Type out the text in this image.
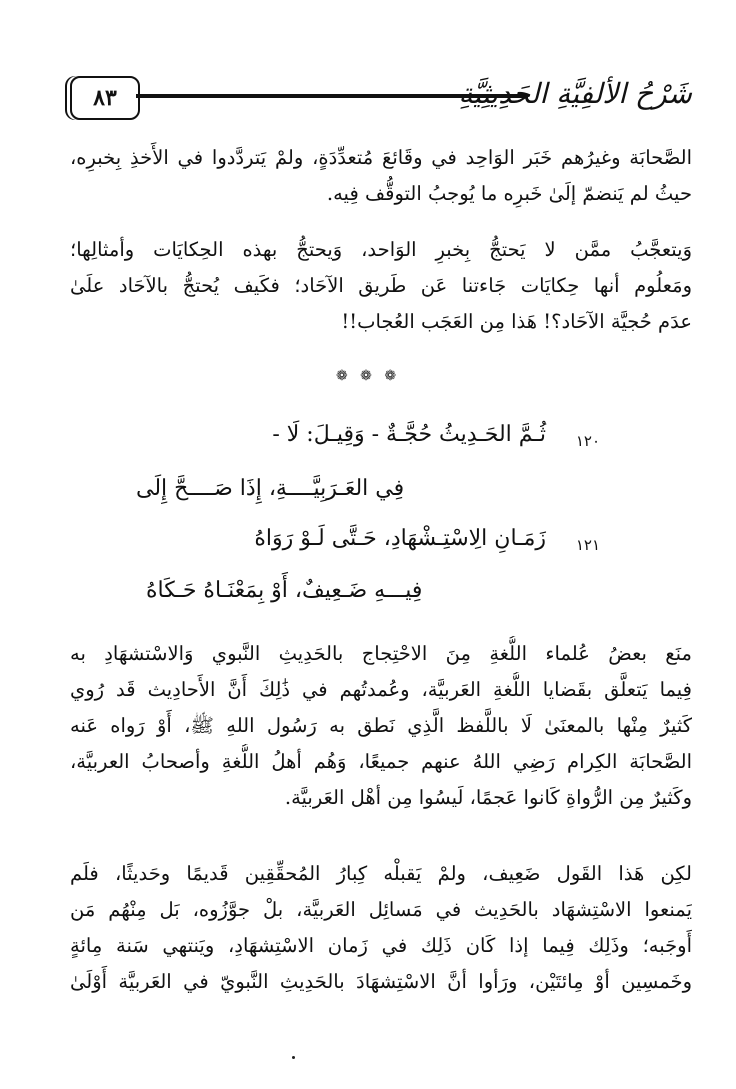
٨٣	شَرْحُ الألفِيَّةِ الحَدِيثِيَّةِ

الصَّحابَة وغيرُهم خَبَر الوَاحِد في وقَائعَ مُتعدِّدَةٍ، ولمْ يَتردَّدوا في الأَخذِ بِخبرِه،
حيثُ لم يَنضمّ إلَىٰ خَبرِه ما يُوجبُ التوقُّف فِيه.

وَيتعجَّبُ ممَّن لا يَحتجُّ بِخبرِ الوَاحد، وَيحتجُّ بهذه الحِكايَات وأمثالِها؛
ومَعلُوم أنها حِكايَات جَاءتنا عَن طَريق الآحَاد؛ فكَيف يُحتجُّ بالآحَاد علَىٰ
عدَم حُجيَّة الآحَاد؟! هَذا مِن العَجَب العُجاب!!

❁ ❁ ❁
١٢٠
ثُـمَّ الحَـدِيثُ حُجَّـةٌ - وَقِيـلَ: لَا -
فِي العَـرَبِيَّــــةِ، إِذَا صَــــحَّ إِلَى
١٢١
زَمَـانِ الِاسْتِـشْهَادِ، حَـتَّى لَـوْ رَوَاهُ
فِيـــهِ ضَـعِيفٌ، أَوْ بِمَعْنَـاهُ حَـكَاهُ

منَع بعضُ عُلماء اللُّغةِ مِنَ الاحْتِجاج بالحَدِيثِ النَّبوي وَالاسْتشهَادِ به
فِيما يَتعلَّق بقَضايا اللُّغةِ العَربيَّة، وعُمدتُهم في ذَٰلِكَ أَنَّ الأَحادِيث قَد رُوي
كَثيرٌ مِنْها بالمعنَىٰ لَا باللَّفظ الَّذِي نَطق به رَسُول اللهِ ﷺ، أَوْ رَواه عَنه
الصَّحابَة الكِرام رَضِي اللهُ عنهم جميعًا، وَهُم أهلُ اللُّغةِ وأصحابُ العربيَّة،
وكَثيرٌ مِن الرُّواةِ كَانوا عَجمًا، لَيسُوا مِن أهْل العَربيَّة.

لكِن هَذا القَول ضَعِيف، ولمْ يَقبلْه كِبارُ المُحقِّقِين قَديمًا وحَديثًا، فلَم
يَمنعوا الاسْتِشهَاد بالحَدِيث في مَسائِل العَربيَّة، بلْ جوَّزُوه، بَل مِنْهُم مَن
أَوجَبه؛ وذَلِك فِيما إذا كَان ذَلِك في زَمان الاسْتِشهَادِ، ويَنتهي سَنة مِائةٍ
وخَمسِين أوْ مِائتَيْن، ورَأوا أنَّ الاسْتِشهَادَ بالحَدِيثِ النَّبويّ في العَربيَّة أَوْلَىٰ
